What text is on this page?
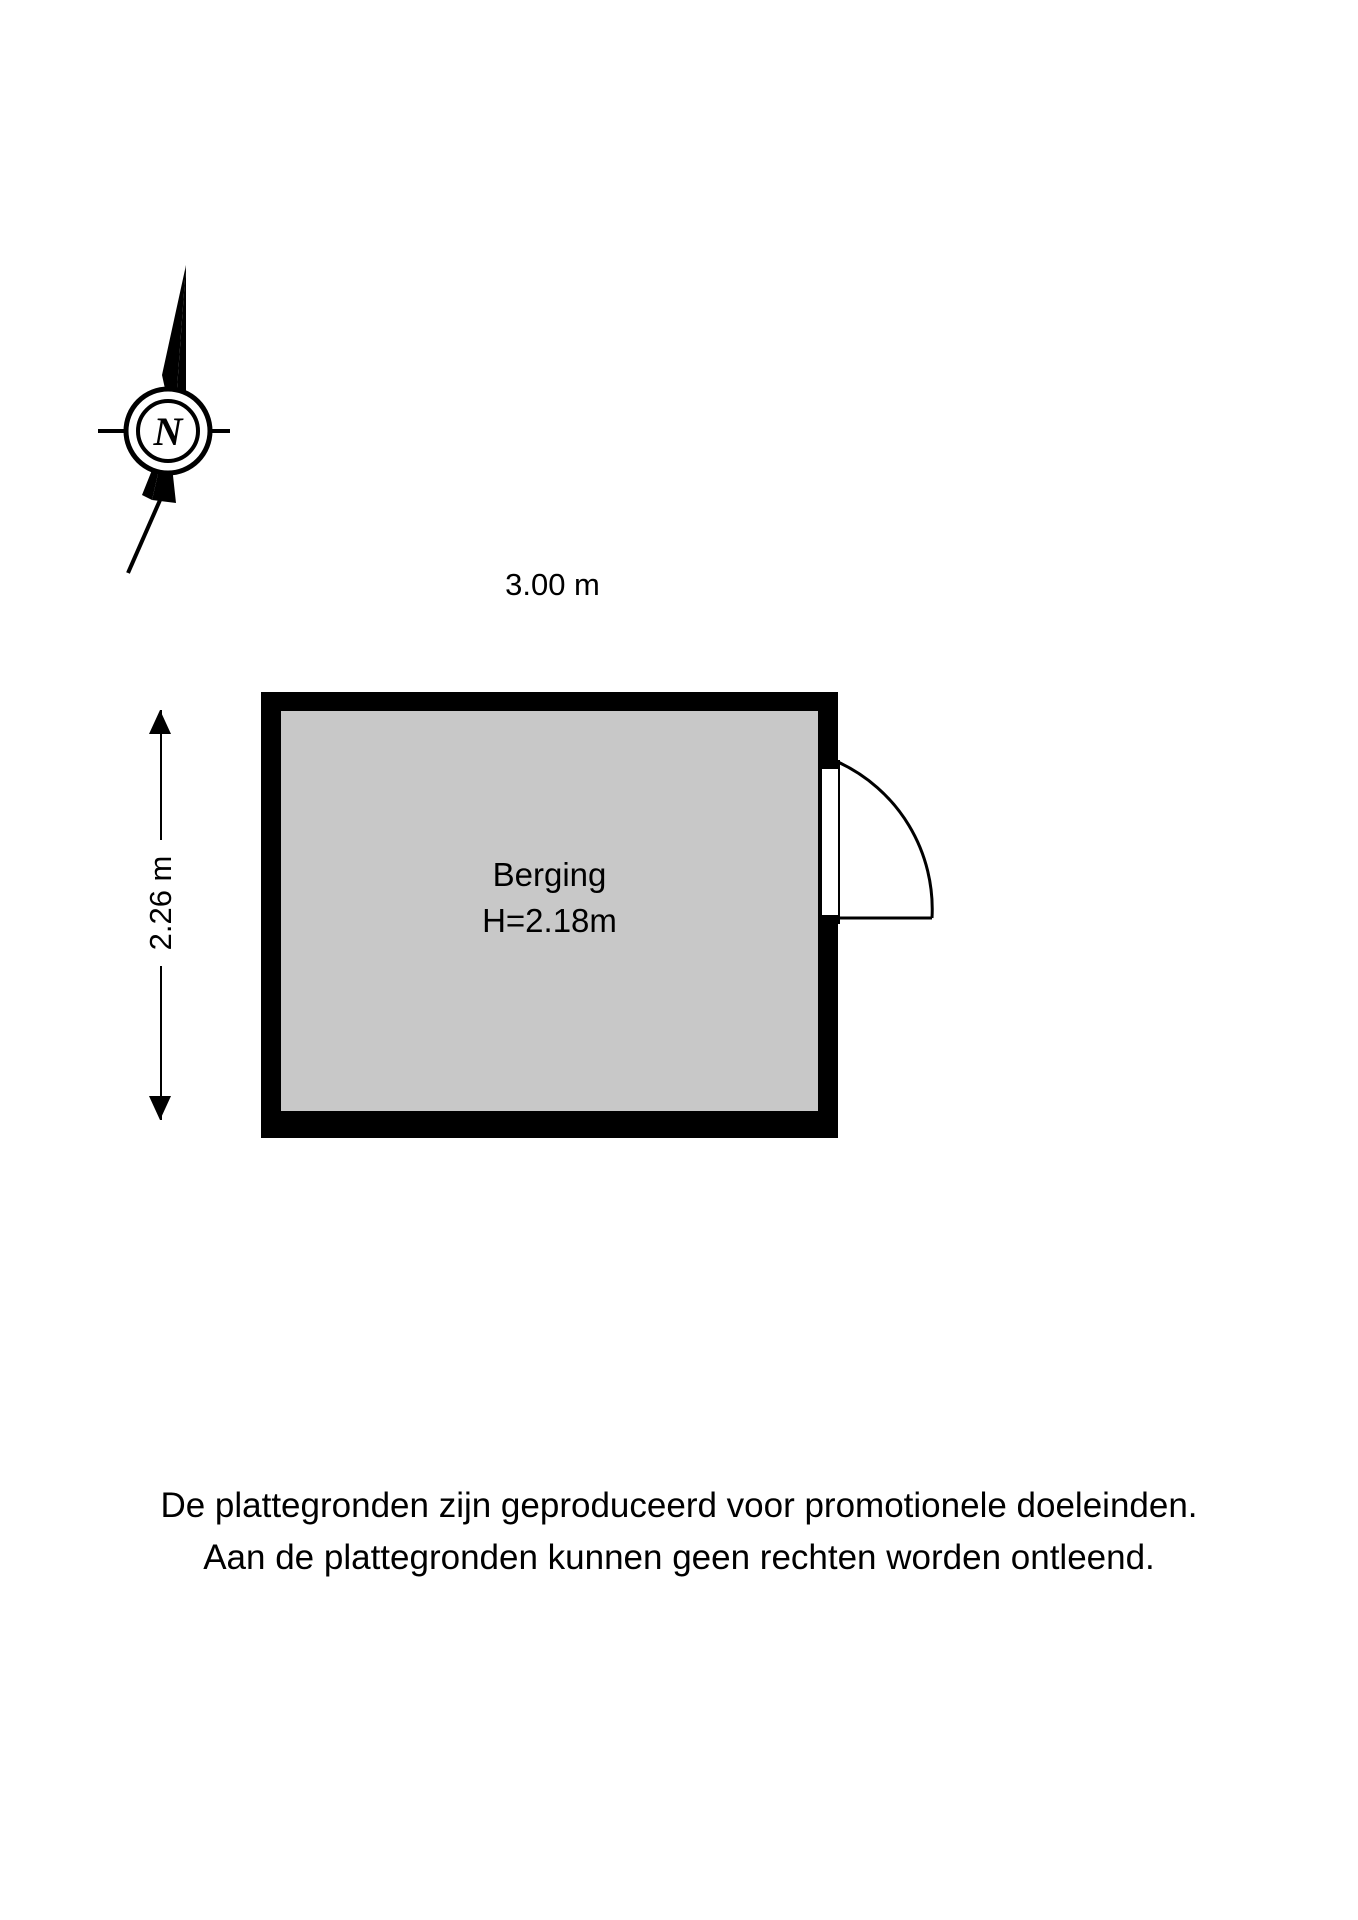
N
3.00 m
2.26 m	Berging
H=2.18m
De plattegronden zijn geproduceerd voor promotionele doeleinden.
Aan de plattegronden kunnen geen rechten worden ontleend.
